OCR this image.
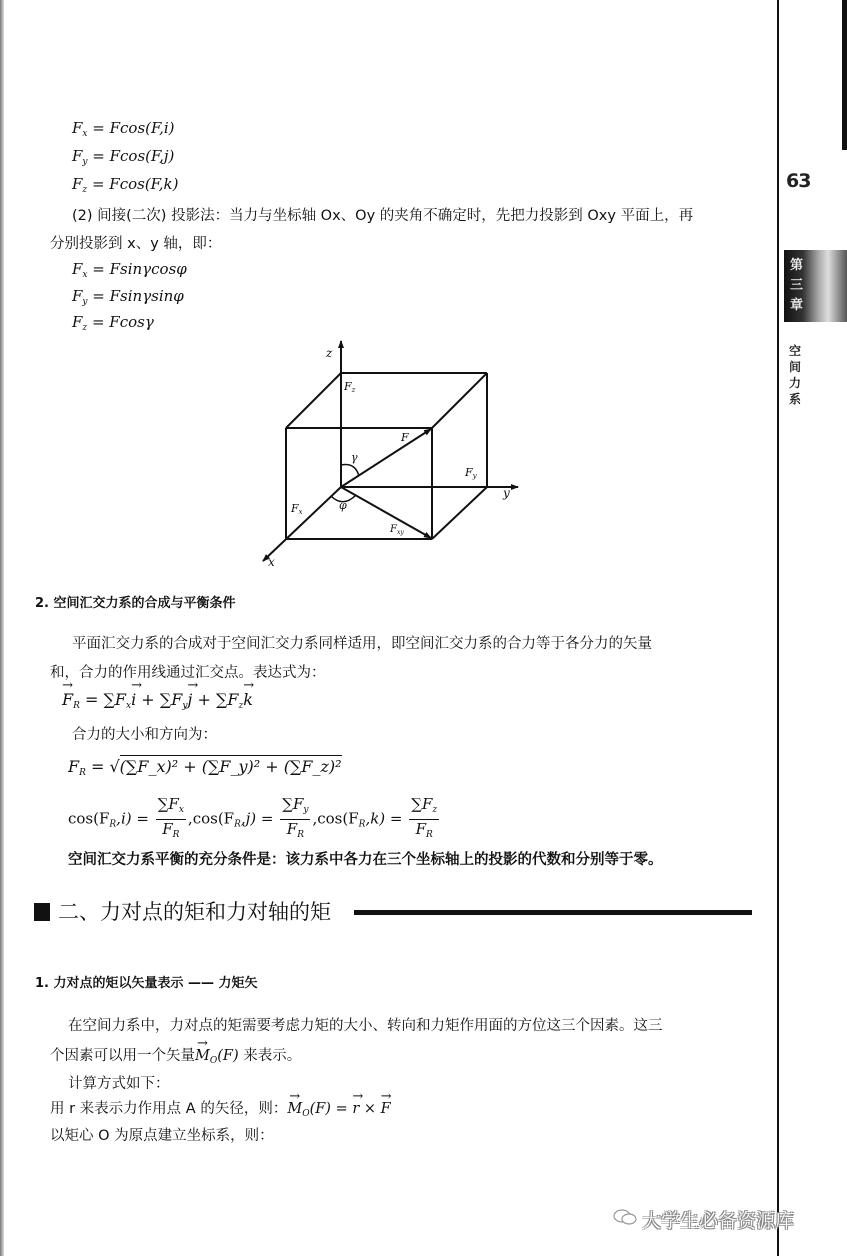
63
第三章
空间力系
$F_x = Fcos(F,i)$
$F_y = Fcos(F,j)$
$F_z = Fcos(F,k)$
(2) 间接(二次) 投影法：当力与坐标轴 Ox、Oy 的夹角不确定时，先把力投影到 Oxy 平面上，再
分别投影到 x、y 轴，即：
$F_x = Fsin\gamma\cos\varphi$
$F_y = Fsin\gamma\sin\varphi$
$F_z = Fcos\gamma$
z
y
x
Fz
F
γ
Fy
Fx	φ
$F_{xy}$
2. 空间汇交力系的合成与平衡条件
平面汇交力系的合成对于空间汇交力系同样适用，即空间汇交力系的合力等于各分力的矢量
和，合力的作用线通过汇交点。表达式为：
→ $F_R = \sum F_x\to i + \sum F_y\to j + \sum F_z\to k$
合力的大小和方向为：
$F_R$ = √(∑F_x)² + (∑F_y)² + (∑F_z)²
$\cos(F_R,i) = \frac{\sum F_x}{F_R} ,\cos(F_R,j) = \frac{\sum F_y}{F_R} ,\cos(F_R,k) = \frac{\sum F_z}{F_R}$
空间汇交力系平衡的充分条件是：该力系中各力在三个坐标轴上的投影的代数和分别等于零。
二、力对点的矩和力对轴的矩
1. 力对点的矩以矢量表示 —— 力矩矢
在空间力系中，力对点的矩需要考虑力矩的大小、转向和力矩作用面的方位这三个因素。这三
个因素可以用一个矢量→ $M_O(F)$ 来表示。
计算方式如下：
用 r 来表示力作用点 A 的矢径，则：→ $M_O(F)$ = → r × → F
以矩心 O 为原点建立坐标系，则：
大学生必备资源库
